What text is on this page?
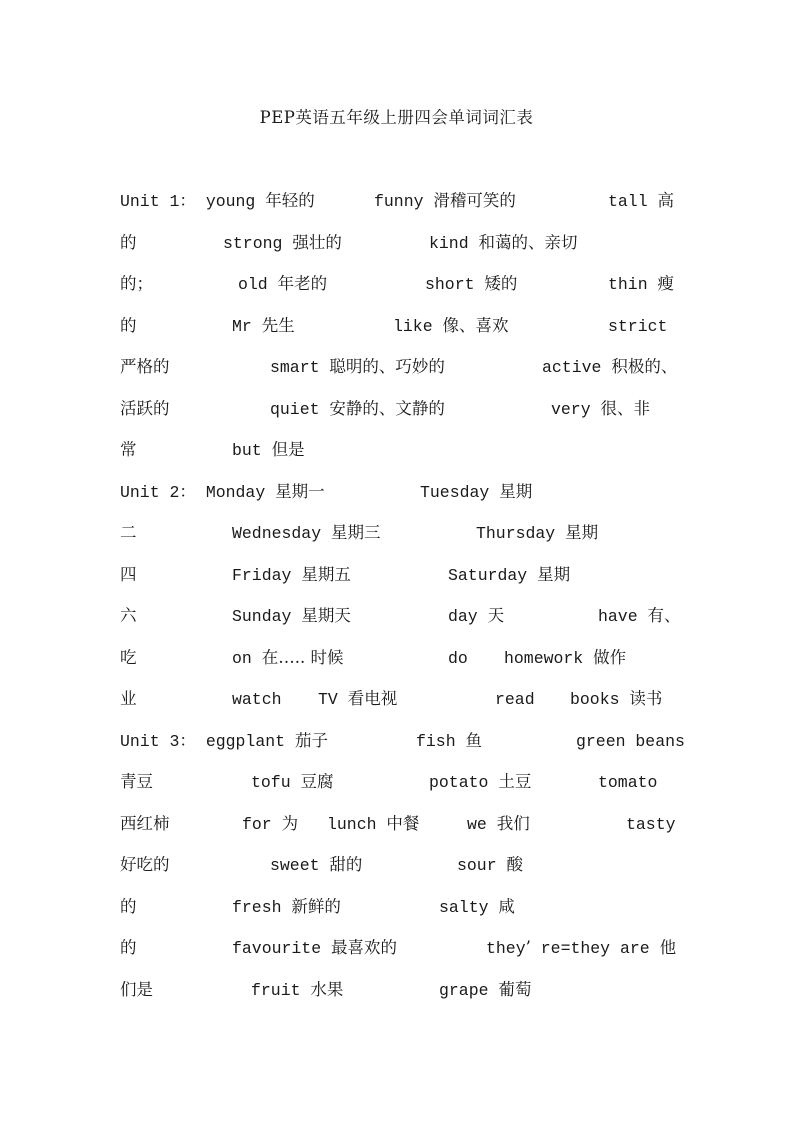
PEP英语五年级上册四会单词词汇表
Unit 1： young 年轻的	funny 滑稽可笑的	tall 高
的	strong 强壮的	kind 和蔼的、亲切
的；	old 年老的	short 矮的	thin 瘦
的	Mr 先生	like 像、喜欢	strict
严格的	smart 聪明的、巧妙的	active 积极的、
活跃的	quiet 安静的、文静的	very 很、非
常	but 但是
Unit 2： Monday 星期一	Tuesday 星期
二	Wednesday 星期三	Thursday 星期
四	Friday 星期五	Saturday 星期
六	Sunday 星期天	day 天	have 有、
吃	on 在….. 时候	do homework 做作
业	watch TV 看电视	read books 读书
Unit 3： eggplant 茄子	fish 鱼	green beans
青豆	tofu 豆腐	potato 土豆	tomato
西红柿	for 为 lunch 中餐	we 我们	tasty
好吃的	sweet 甜的	sour 酸
的	fresh 新鲜的	salty 咸
的	favourite 最喜欢的	they’ re=they are 他
们是	fruit 水果	grape 葡萄
